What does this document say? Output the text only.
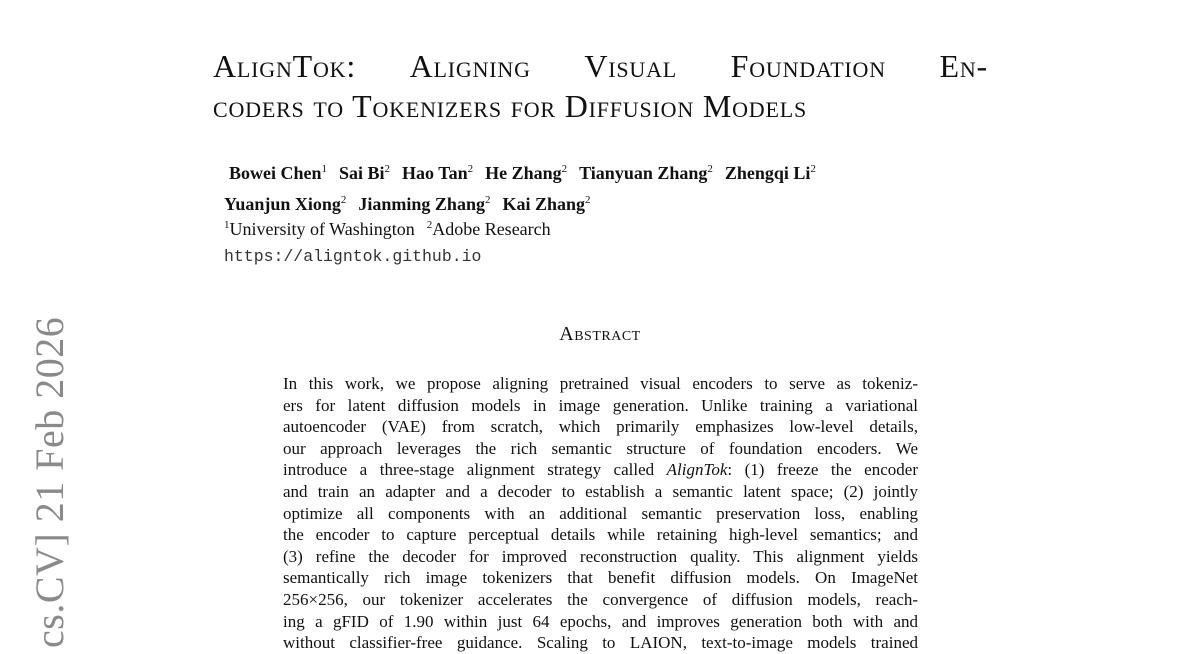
AlignTok: Aligning Visual Foundation En-
coders to Tokenizers for Diffusion Models
Bowei Chen$^1$ Sai Bi$^2$ Hao Tan$^2$ He Zhang$^2$ Tianyuan Zhang$^2$ Zhengqi Li$^2$
Yuanjun Xiong$^2$ Jianming Zhang$^2$ Kai Zhang$^2$
$^1$University of Washington $^2$Adobe Research
https://aligntok.github.io
Abstract
In this work, we propose aligning pretrained visual encoders to serve as tokeniz-
ers for latent diffusion models in image generation. Unlike training a variational
autoencoder (VAE) from scratch, which primarily emphasizes low-level details,
our approach leverages the rich semantic structure of foundation encoders. We
introduce a three-stage alignment strategy called AlignTok: (1) freeze the encoder
and train an adapter and a decoder to establish a semantic latent space; (2) jointly
optimize all components with an additional semantic preservation loss, enabling
the encoder to capture perceptual details while retaining high-level semantics; and
(3) refine the decoder for improved reconstruction quality. This alignment yields
semantically rich image tokenizers that benefit diffusion models. On ImageNet
256×256, our tokenizer accelerates the convergence of diffusion models, reach-
ing a gFID of 1.90 within just 64 epochs, and improves generation both with and
without classifier-free guidance. Scaling to LAION, text-to-image models trained
cs.CV] 21 Feb 2026
